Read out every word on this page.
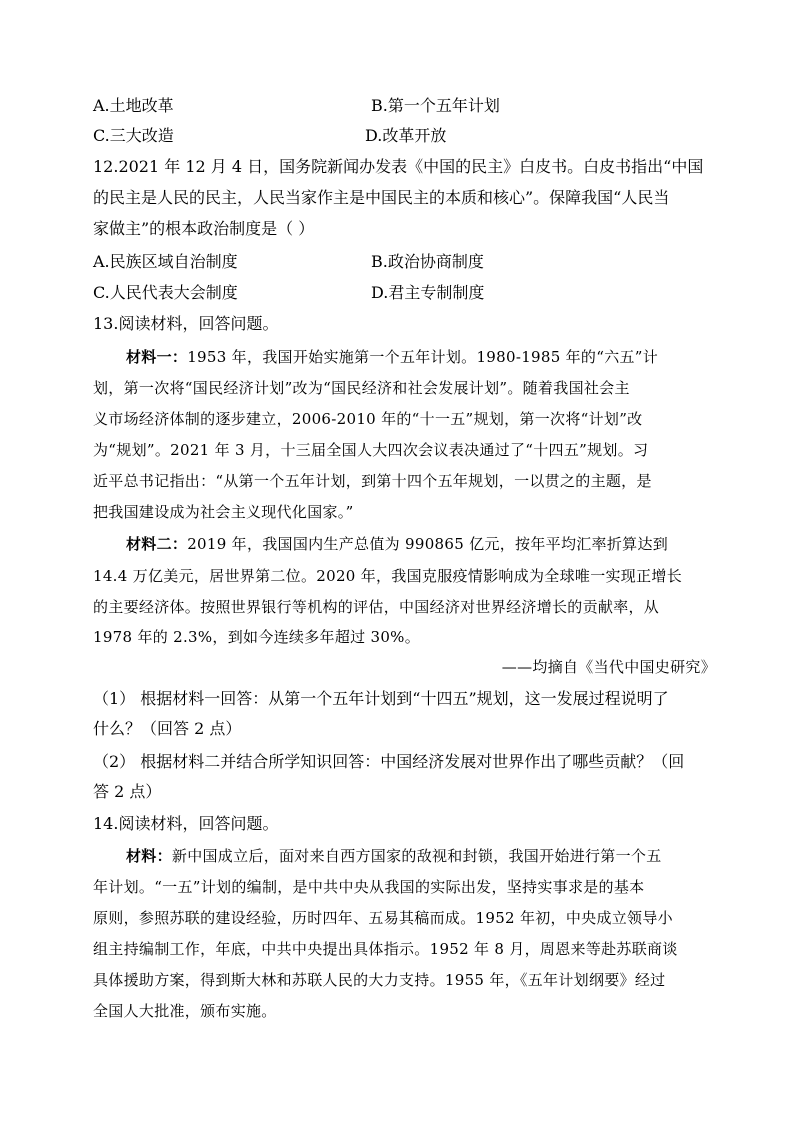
A.土地改革	B.第一个五年计划
C.三大改造	D.改革开放
12.2021 年 12 月 4 日，国务院新闻办发表《中国的民主》白皮书。白皮书指出“中国
的民主是人民的民主，人民当家作主是中国民主的本质和核心”。保障我国“人民当
家做主”的根本政治制度是（ ）
A.民族区域自治制度	B.政治协商制度
C.人民代表大会制度	D.君主专制制度
13.阅读材料，回答问题。
材料一：1953 年，我国开始实施第一个五年计划。1980-1985 年的“六五”计
划，第一次将“国民经济计划”改为“国民经济和社会发展计划”。随着我国社会主
义市场经济体制的逐步建立，2006-2010 年的“十一五”规划，第一次将“计划”改
为“规划”。2021 年 3 月，十三届全国人大四次会议表决通过了“十四五”规划。习
近平总书记指出：“从第一个五年计划，到第十四个五年规划，一以贯之的主题，是
把我国建设成为社会主义现代化国家。”
材料二：2019 年，我国国内生产总值为 990865 亿元，按年平均汇率折算达到
14.4 万亿美元，居世界第二位。2020 年，我国克服疫情影响成为全球唯一实现正增长
的主要经济体。按照世界银行等机构的评估，中国经济对世界经济增长的贡献率，从
1978 年的 2.3%，到如今连续多年超过 30%。
——均摘自《当代中国史研究》
（1） 根据材料一回答：从第一个五年计划到“十四五”规划，这一发展过程说明了
什么？（回答 2 点）
（2） 根据材料二并结合所学知识回答：中国经济发展对世界作出了哪些贡献？（回
答 2 点）
14.阅读材料，回答问题。
材料：新中国成立后，面对来自西方国家的敌视和封锁，我国开始进行第一个五
年计划。“一五”计划的编制，是中共中央从我国的实际出发，坚持实事求是的基本
原则，参照苏联的建设经验，历时四年、五易其稿而成。1952 年初，中央成立领导小
组主持编制工作，年底，中共中央提出具体指示。1952 年 8 月，周恩来等赴苏联商谈
具体援助方案，得到斯大林和苏联人民的大力支持。1955 年，《五年计划纲要》经过
全国人大批准，颁布实施。
